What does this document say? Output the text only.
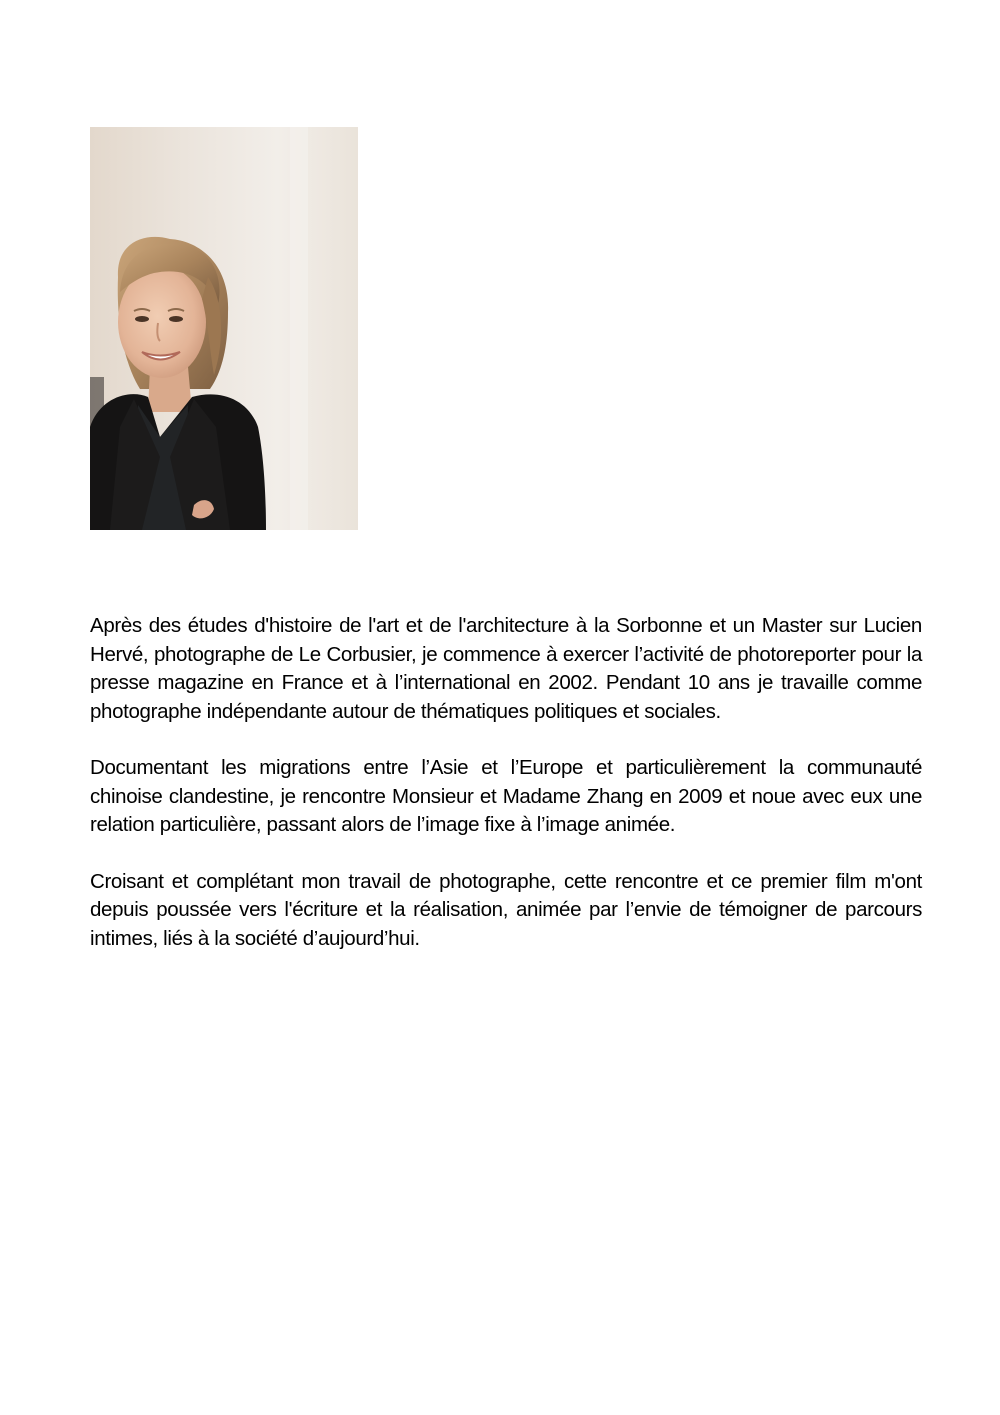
Après des études d'histoire de l'art et de l'architecture à la Sorbonne et un Master sur Lucien Hervé, photographe de Le Corbusier, je commence à exercer l’activité de photoreporter pour la presse magazine en France et à l’international en 2002. Pendant 10 ans je travaille comme photographe indépendante autour de thématiques politiques et sociales.

Documentant les migrations entre l’Asie et l’Europe et particulièrement la communauté chinoise clandestine, je rencontre Monsieur et Madame Zhang en 2009 et noue avec eux une relation particulière, passant alors de l’image fixe à l’image animée.

Croisant et complétant mon travail de photographe, cette rencontre et ce premier film m'ont depuis poussée vers l'écriture et la réalisation, animée par l’envie de témoigner de parcours intimes, liés à la société d’aujourd’hui.
